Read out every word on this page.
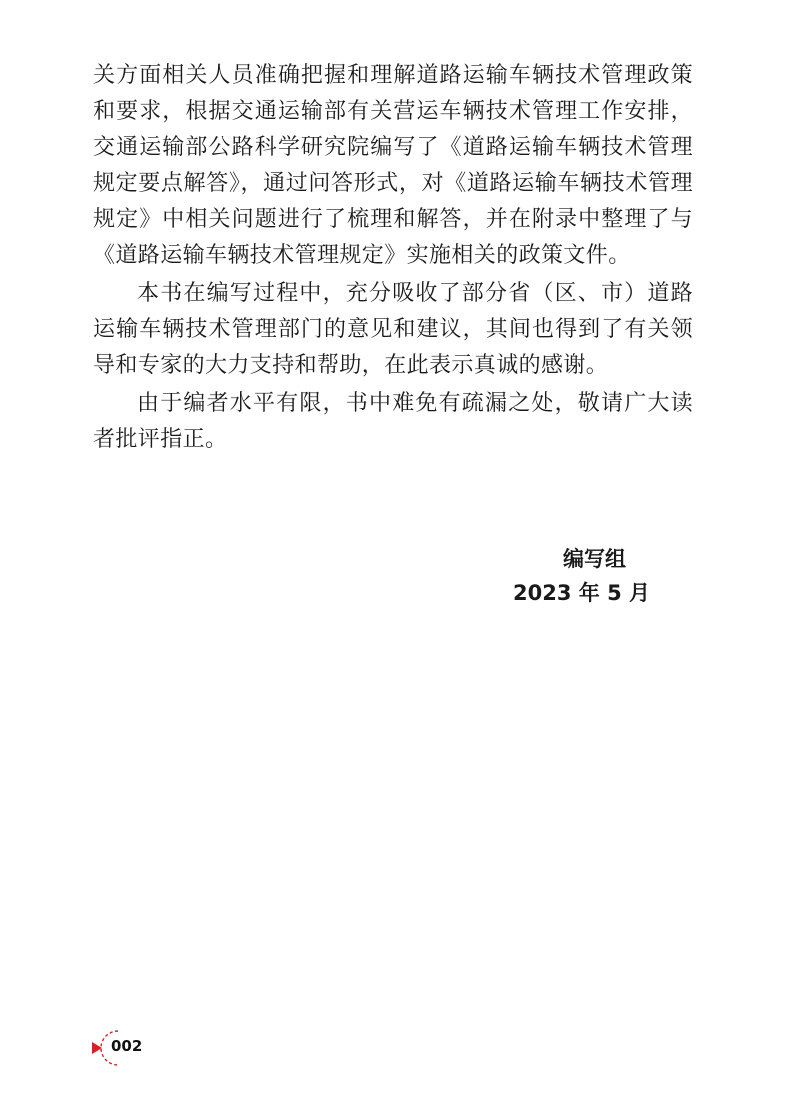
关方面相关人员准确把握和理解道路运输车辆技术管理政策和要求，根据交通运输部有关营运车辆技术管理工作安排，交通运输部公路科学研究院编写了《道路运输车辆技术管理规定要点解答》，通过问答形式，对《道路运输车辆技术管理规定》中相关问题进行了梳理和解答，并在附录中整理了与《道路运输车辆技术管理规定》实施相关的政策文件。

本书在编写过程中，充分吸收了部分省（区、市）道路运输车辆技术管理部门的意见和建议，其间也得到了有关领导和专家的大力支持和帮助，在此表示真诚的感谢。

由于编者水平有限，书中难免有疏漏之处，敬请广大读者批评指正。

编写组
2023 年 5 月
002
